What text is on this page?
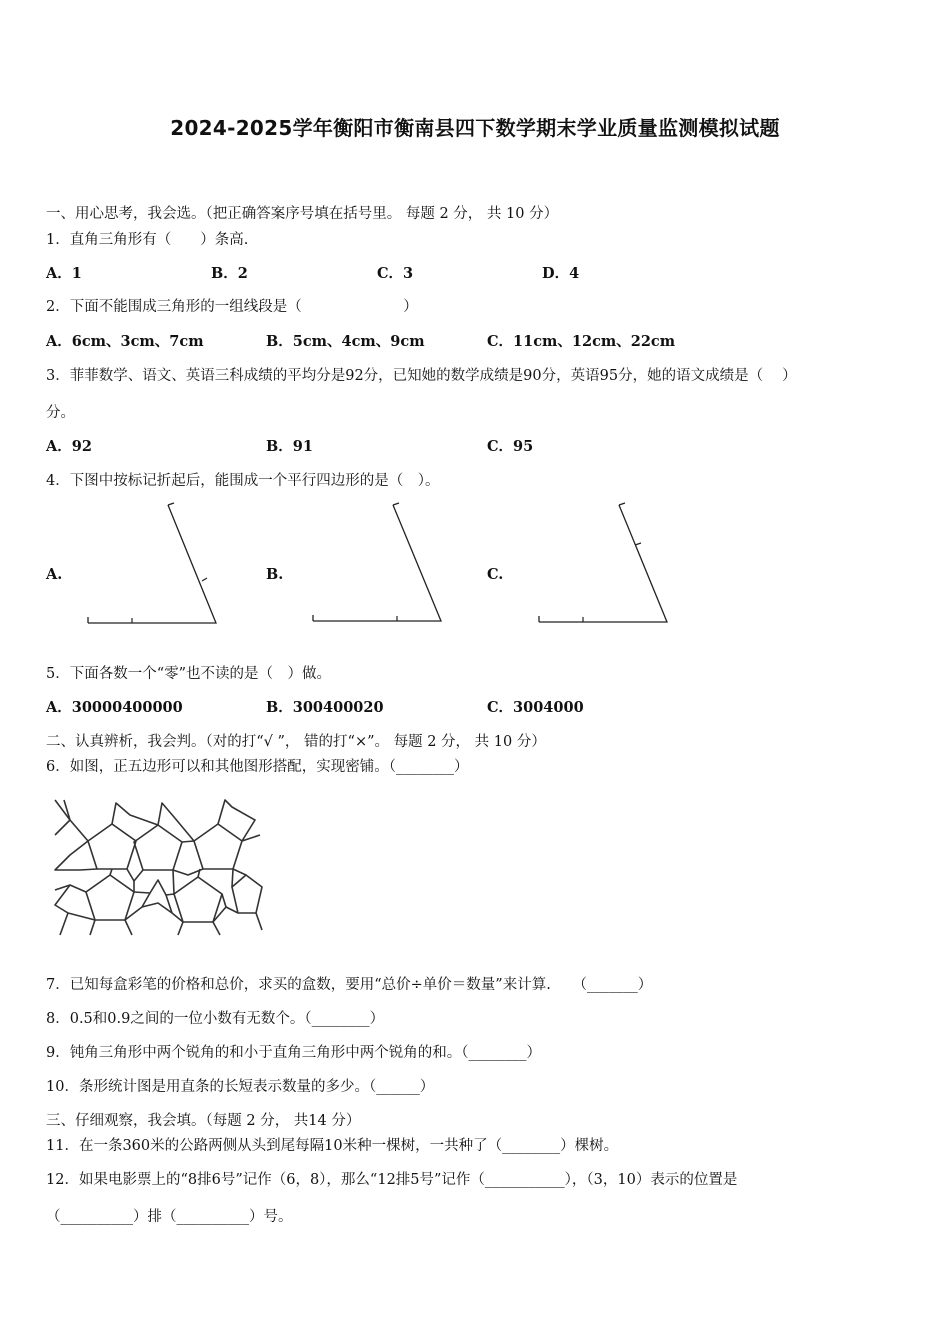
2024-2025学年衡阳市衡南县四下数学期末学业质量监测模拟试题
一、用心思考，我会选。（把正确答案序号填在括号里。 每题 2 分， 共 10 分）
1．直角三角形有（　　）条高.
A．1	B．2	C．3	D．4
2．下面不能围成三角形的一组线段是（　　　　　　　）
A．6cm、3cm、7cm	B．5cm、4cm、9cm	C．11cm、12cm、22cm
3．菲菲数学、语文、英语三科成绩的平均分是92分，已知她的数学成绩是90分，英语95分，她的语文成绩是（　 ）
分。
A．92	B．91	C．95
4．下图中按标记折起后，能围成一个平行四边形的是（　）。
A.	B.	C.
5．下面各数一个“零”也不读的是（　）做。
A．30000400000	B．300400020	C．3004000
二、认真辨析，我会判。（对的打“√ ”， 错的打“×”。 每题 2 分， 共 10 分）
6．如图，正五边形可以和其他图形搭配，实现密铺。（________）
7．已知每盒彩笔的价格和总价，求买的盒数，要用“总价÷单价＝数量”来计算.　　（_______）
8．0.5和0.9之间的一位小数有无数个。（________）
9．钝角三角形中两个锐角的和小于直角三角形中两个锐角的和。（________）
10．条形统计图是用直条的长短表示数量的多少。（______）
三、仔细观察，我会填。（每题 2 分， 共14 分）
11．在一条360米的公路两侧从头到尾每隔10米种一棵树，一共种了（________）棵树。
12．如果电影票上的“8排6号”记作（6，8），那么“12排5号”记作（___________），（3，10）表示的位置是
（__________）排（__________）号。
